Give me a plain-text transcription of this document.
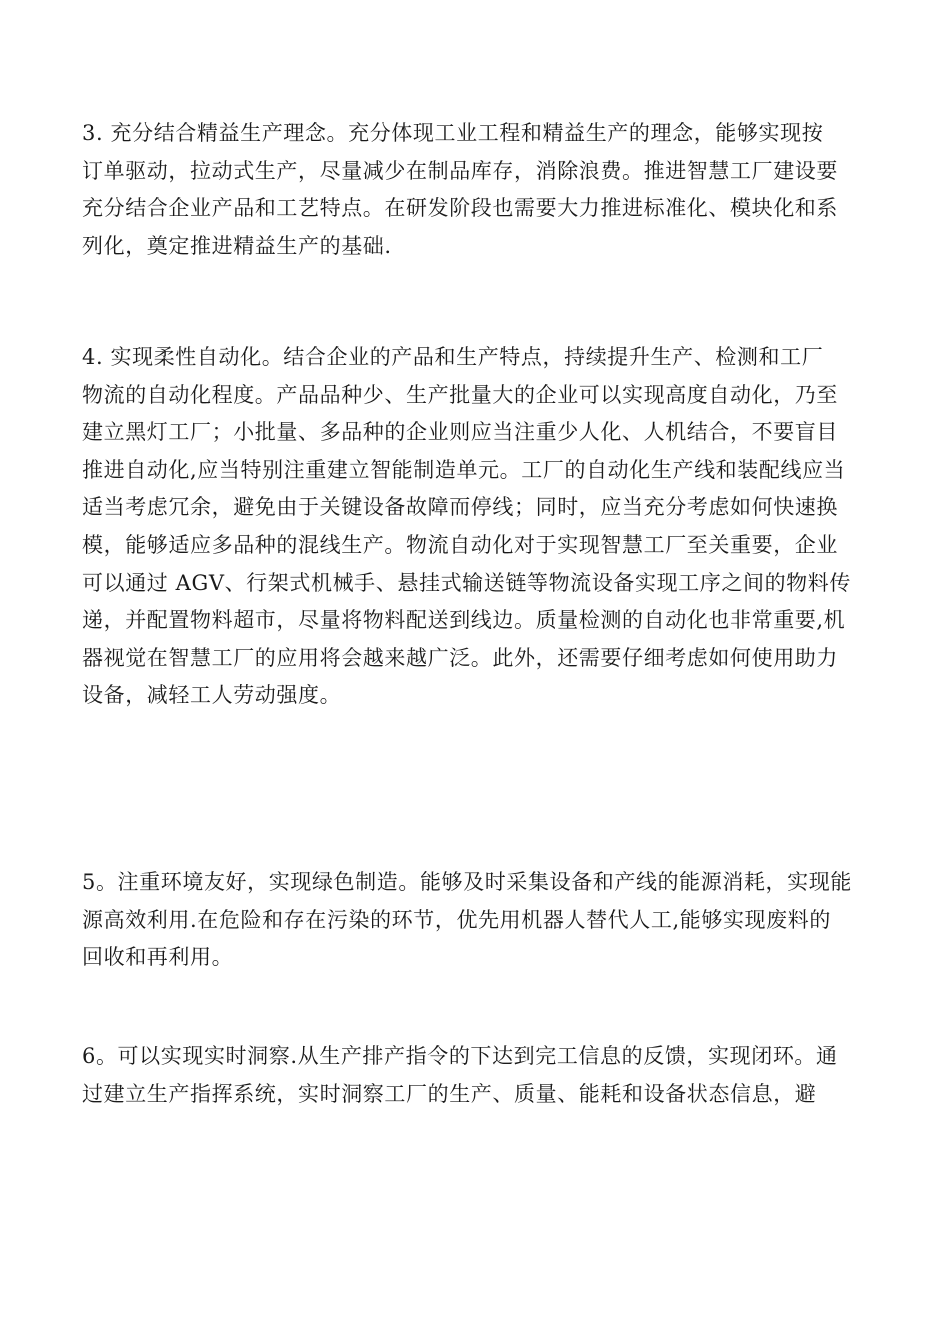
3. 充分结合精益生产理念。充分体现工业工程和精益生产的理念，能够实现按
订单驱动，拉动式生产，尽量减少在制品库存，消除浪费。推进智慧工厂建设要
充分结合企业产品和工艺特点。在研发阶段也需要大力推进标准化、模块化和系
列化，奠定推进精益生产的基础.
4. 实现柔性自动化。结合企业的产品和生产特点，持续提升生产、检测和工厂
物流的自动化程度。产品品种少、生产批量大的企业可以实现高度自动化，乃至
建立黑灯工厂；小批量、多品种的企业则应当注重少人化、人机结合，不要盲目
推进自动化,应当特别注重建立智能制造单元。工厂的自动化生产线和装配线应当
适当考虑冗余，避免由于关键设备故障而停线；同时，应当充分考虑如何快速换
模，能够适应多品种的混线生产。物流自动化对于实现智慧工厂至关重要，企业
可以通过 AGV、行架式机械手、悬挂式输送链等物流设备实现工序之间的物料传
递，并配置物料超市，尽量将物料配送到线边。质量检测的自动化也非常重要,机
器视觉在智慧工厂的应用将会越来越广泛。此外，还需要仔细考虑如何使用助力
设备，减轻工人劳动强度。
5。注重环境友好，实现绿色制造。能够及时采集设备和产线的能源消耗，实现能
源高效利用.在危险和存在污染的环节，优先用机器人替代人工,能够实现废料的
回收和再利用。
6。可以实现实时洞察.从生产排产指令的下达到完工信息的反馈，实现闭环。通
过建立生产指挥系统，实时洞察工厂的生产、质量、能耗和设备状态信息，避
